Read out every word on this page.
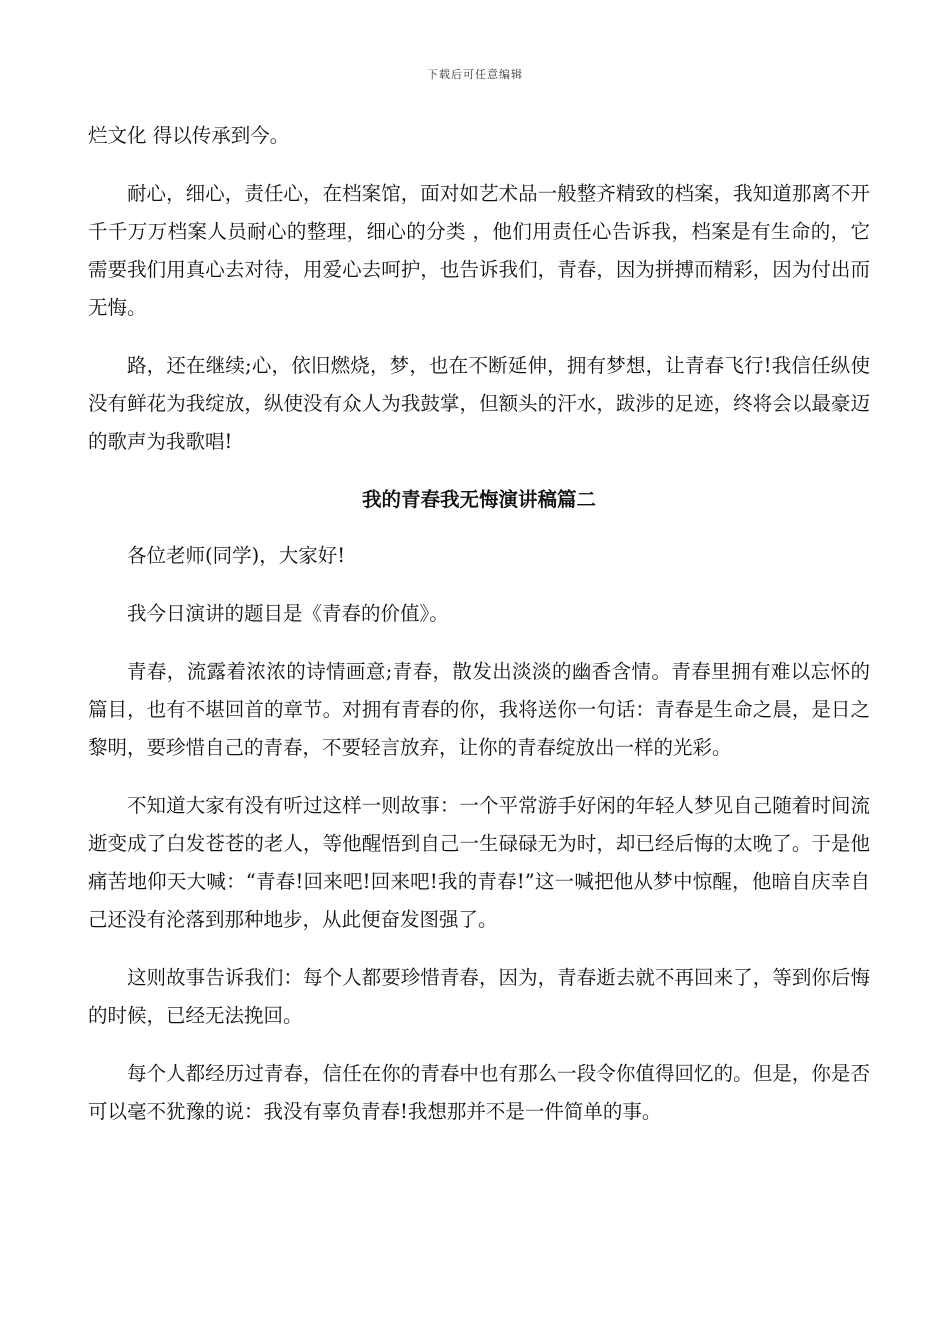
下载后可任意编辑

烂文化 得以传承到今。

耐心，细心，责任心，在档案馆，面对如艺术品一般整齐精致的档案，我知道那离不开千千万万档案人员耐心的整理，细心的分类 ，他们用责任心告诉我，档案是有生命的，它需要我们用真心去对待，用爱心去呵护，也告诉我们，青春，因为拼搏而精彩，因为付出而无悔。

路，还在继续;心，依旧燃烧，梦，也在不断延伸，拥有梦想，让青春飞行!我信任纵使没有鲜花为我绽放，纵使没有众人为我鼓掌，但额头的汗水，跋涉的足迹，终将会以最豪迈的歌声为我歌唱!

我的青春我无悔演讲稿篇二

各位老师(同学)，大家好!

我今日演讲的题目是《青春的价值》。

青春，流露着浓浓的诗情画意;青春，散发出淡淡的幽香含情。青春里拥有难以忘怀的篇目，也有不堪回首的章节。对拥有青春的你，我将送你一句话：青春是生命之晨，是日之黎明，要珍惜自己的青春，不要轻言放弃，让你的青春绽放出一样的光彩。

不知道大家有没有听过这样一则故事：一个平常游手好闲的年轻人梦见自己随着时间流逝变成了白发苍苍的老人，等他醒悟到自己一生碌碌无为时，却已经后悔的太晚了。于是他痛苦地仰天大喊：“青春!回来吧!回来吧!我的青春!”这一喊把他从梦中惊醒，他暗自庆幸自己还没有沦落到那种地步，从此便奋发图强了。

这则故事告诉我们：每个人都要珍惜青春，因为，青春逝去就不再回来了，等到你后悔的时候，已经无法挽回。

每个人都经历过青春，信任在你的青春中也有那么一段令你值得回忆的。但是，你是否可以毫不犹豫的说：我没有辜负青春!我想那并不是一件简单的事。
